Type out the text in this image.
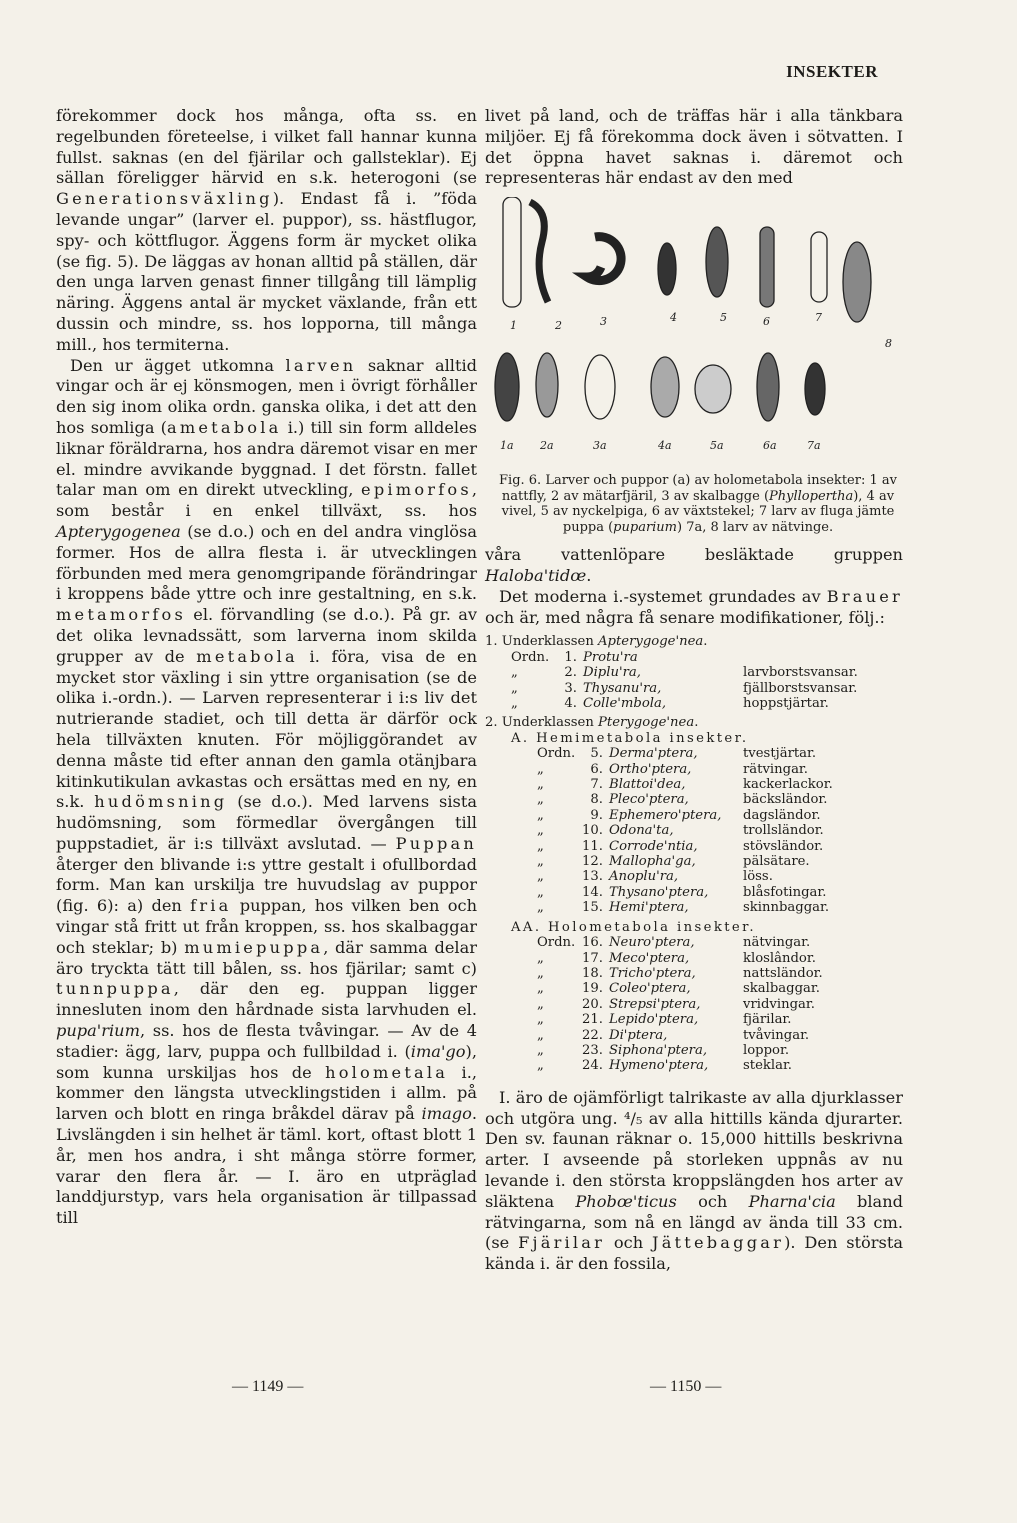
INSEKTER

förekommer dock hos många, ofta ss. en regelbunden företeelse, i vilket fall hannar kunna fullst. saknas (en del fjärilar och gallsteklar). Ej sällan föreligger härvid en s.k. heterogoni (se Generationsväxling). Endast få i. ”föda levande ungar” (larver el. puppor), ss. hästflugor, spy- och köttflugor. Äggens form är mycket olika (se fig. 5). De läggas av honan alltid på ställen, där den unga larven genast finner tillgång till lämplig näring. Äggens antal är mycket växlande, från ett dussin och mindre, ss. hos lopporna, till många mill., hos termiterna.

Den ur ägget utkomna larven saknar alltid vingar och är ej könsmogen, men i övrigt förhåller den sig inom olika ordn. ganska olika, i det att den hos somliga (ametabola i.) till sin form alldeles liknar föräldrarna, hos andra däremot visar en mer el. mindre avvikande byggnad. I det förstn. fallet talar man om en direkt utveckling, epimorfos, som består i en enkel tillväxt, ss. hos Apterygogenea (se d.o.) och en del andra vinglösa former. Hos de allra flesta i. är utvecklingen förbunden med mera genomgripande förändringar i kroppens både yttre och inre gestaltning, en s.k. metamorfos el. förvandling (se d.o.). På gr. av det olika levnadssätt, som larverna inom skilda grupper av de metabola i. föra, visa de en mycket stor växling i sin yttre organisation (se de olika i.-ordn.). — Larven representerar i i:s liv det nutrierande stadiet, och till detta är därför ock hela tillväxten knuten. För möjliggörandet av denna måste tid efter annan den gamla otänjbara kitinkutikulan avkastas och ersättas med en ny, en s.k. hudömsning (se d.o.). Med larvens sista hudömsning, som förmedlar övergången till puppstadiet, är i:s tillväxt avslutad. — Puppan återger den blivande i:s yttre gestalt i ofullbordad form. Man kan urskilja tre huvudslag av puppor (fig. 6): a) den fria puppan, hos vilken ben och vingar stå fritt ut från kroppen, ss. hos skalbaggar och steklar; b) mumiepuppa, där samma delar äro tryckta tätt till bålen, ss. hos fjärilar; samt c) tunnpuppa, där den eg. puppan ligger innesluten inom den hårdnade sista larvhuden el. pupa'rium, ss. hos de flesta tvåvingar. — Av de 4 stadier: ägg, larv, puppa och fullbildad i. (ima'go), som kunna urskiljas hos de holometala i., kommer den längsta utvecklingstiden i allm. på larven och blott en ringa bråkdel därav på imago. Livslängden i sin helhet är täml. kort, oftast blott 1 år, men hos andra, i sht många större former, varar den flera år. — I. äro en utpräglad landdjurstyp, vars hela organisation är tillpassad till

livet på land, och de träffas här i alla tänkbara miljöer. Ej få förekomma dock även i sötvatten. I det öppna havet saknas i. däremot och representeras här endast av den med

1	2	3	4	5	6	7
8
1a 2a	3a	4a	5a	6a	7a
Fig. 6. Larver och puppor (a) av holometabola insekter: 1 av nattfly, 2 av mätarfjäril, 3 av skalbagge (Phyllopertha), 4 av vivel, 5 av nyckelpiga, 6 av växtstekel; 7 larv av fluga jämte puppa (puparium) 7a, 8 larv av nätvinge.

våra vattenlöpare besläktade gruppen Haloba'tidœ.

Det moderna i.-systemet grundades av Brauer och är, med några få senare modifikationer, följ.:

1. Underklassen Apterygoge'nea.
Ordn.	1. Protu'ra
„	2. Diplu'ra,	larvborstsvansar.
„	3. Thysanu'ra,	fjällborstsvansar.
„	4. Colle'mbola,	hoppstjärtar.
2. Underklassen Pterygoge'nea.
A. Hemimetabola insekter.
Ordn.	5. Derma'ptera,	tvestjärtar.
„	6. Ortho'ptera,	rätvingar.
„	7. Blattoi'dea,	kackerlackor.
„	8. Pleco'ptera,	bäcksländor.
„	9. Ephemero'ptera, dagsländor.
„	10. Odona'ta,	trollsländor.
„	11. Corrode'ntia,	stövsländor.
„	12. Mallopha'ga,	pälsätare.
„	13. Anoplu'ra,	löss.
„	14. Thysano'ptera,	blåsfotingar.
„	15. Hemi'ptera,	skinnbaggar.
AA. Holometabola insekter.
Ordn. 16. Neuro'ptera,	nätvingar.
„	17. Meco'ptera,	kloslândor.
„	18. Tricho'ptera,	nattsländor.
„	19. Coleo'ptera,	skalbaggar.
„	20. Strepsi'ptera,	vridvingar.
„	21. Lepido'ptera,	fjärilar.
„	22. Di'ptera,	tvåvingar.
„	23. Siphona'ptera,	loppor.
„	24. Hymeno'ptera,	steklar.

I. äro de ojämförligt talrikaste av alla djurklasser och utgöra ung. ⁴/₅ av alla hittills kända djurarter. Den sv. faunan räknar o. 15,000 hittills beskrivna arter. I avseende på storleken uppnås av nu levande i. den största kroppslängden hos arter av släktena Phobœ'ticus och Pharna'cia bland rätvingarna, som nå en längd av ända till 33 cm. (se Fjärilar och Jättebaggar). Den största kända i. är den fossila,

— 1149 —	— 1150 —
